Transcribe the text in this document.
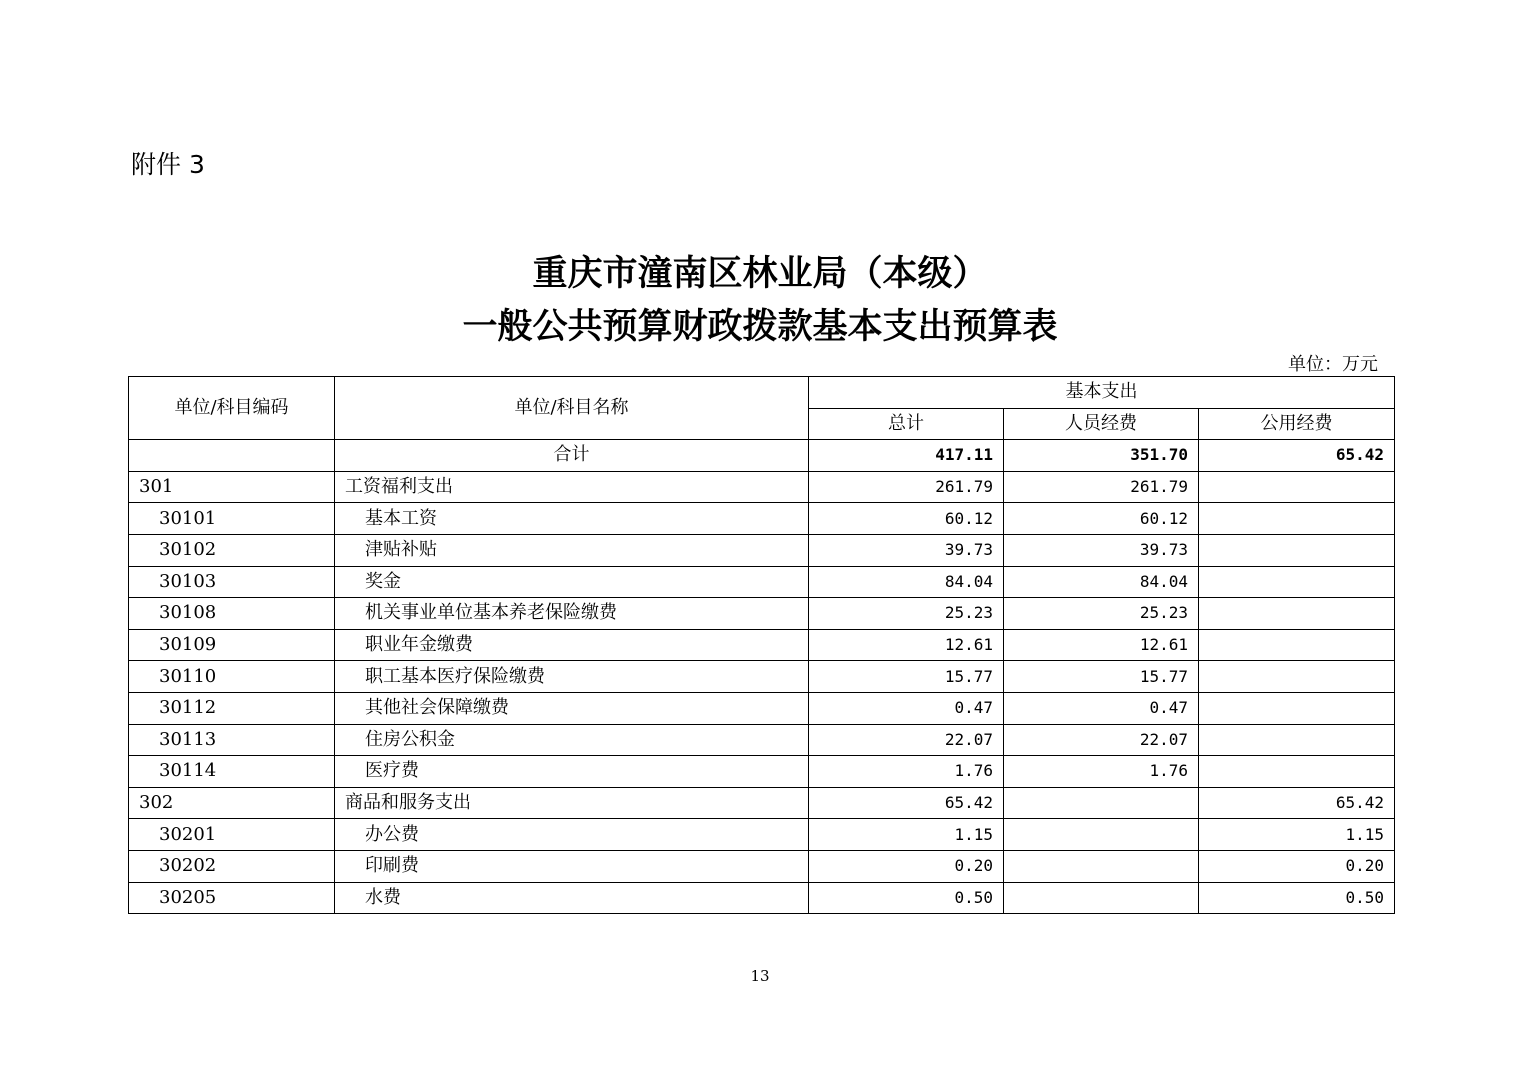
附件 3
重庆市潼南区林业局（本级）
一般公共预算财政拨款基本支出预算表
单位：万元
单位/科目编码	单位/科目名称	基本支出		
		总计	人员经费	公用经费
	合计	417.11	351.70	65.42
301	工资福利支出	261.79	261.79	
30101	基本工资	60.12	60.12	
30102	津贴补贴	39.73	39.73	
30103	奖金	84.04	84.04	
30108	机关事业单位基本养老保险缴费	25.23	25.23	
30109	职业年金缴费	12.61	12.61	
30110	职工基本医疗保险缴费	15.77	15.77	
30112	其他社会保障缴费	0.47	0.47	
30113	住房公积金	22.07	22.07	
30114	医疗费	1.76	1.76	
302	商品和服务支出	65.42		65.42
30201	办公费	1.15		1.15
30202	印刷费	0.20		0.20
30205	水费	0.50		0.50
13
